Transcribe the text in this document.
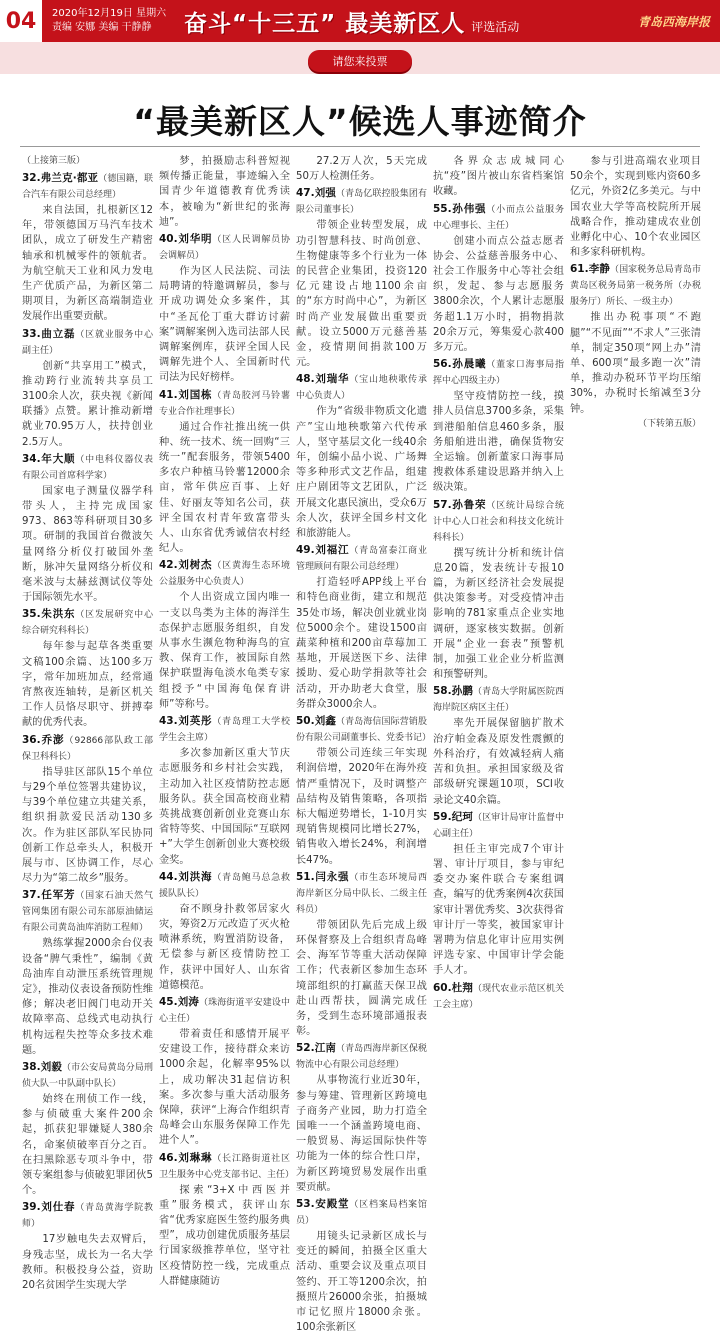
04	2020年12月19日 星期六
责编 安娜 美编 干静静	奋斗“十三五” 最美新区人 评选活动	青岛西海岸报
请您来投票
“最美新区人”候选人事迹简介
（上接第三版）
32.弗兰克·都亚（德国籍，联合汽车有限公司总经理）

来自法国，扎根新区12年，带领德国万马汽车技术团队，成立了研发生产精密轴承和机械零件的领航者。为航空航天工业和风力发电生产优质产品，为新区第二期项目，为新区高端制造业发展作出重要贡献。

33.曲立磊（区就业服务中心副主任）

创新“共享用工”模式，推动跨行业流转共享员工3100余人次，获央视《新闻联播》点赞。累计推动新增就业70.95万人，扶持创业2.5万人。

34.年大顺（中电科仪器仪表有限公司首席科学家）

国家电子测量仪器学科带头人，主持完成国家973、863等科研项目30多项。研制的我国首台微波矢量网络分析仪打破国外垄断，脉冲矢量网络分析仪和毫米波与太赫兹测试仪等处于国际领先水平。

35.朱洪东（区发展研究中心综合研究科科长）

每年参与起草各类重要文稿100余篇、达100多万字，常年加班加点，经常通宵熬夜连轴转，是新区机关工作人员恪尽职守、拼搏奉献的优秀代表。

36.乔澎（92866部队政工部保卫科科长）

指导驻区部队15个单位与29个单位签署共建协议，与39个单位建立共建关系，组织捐款爱民活动130多次。作为驻区部队军民协同创新工作总牵头人，积极开展与市、区协调工作，尽心尽力为“第二故乡”服务。

37.任军芳（国家石油天然气管网集团有限公司东部原油储运有限公司黄岛油库消防工程师）

熟练掌握2000余台仪表设备“脾气秉性”，编制《黄岛油库自动泄压系统管理规定》，推动仪表设备预防性维修；解决老旧阀门电动开关故障率高、总线式电动执行机构远程失控等众多技术难题。

38.刘毅（市公安局黄岛分局刑侦大队一中队副中队长）

始终在刑侦工作一线，参与侦破重大案件200余起，抓获犯罪嫌疑人380余名，命案侦破率百分之百。在扫黑除恶专项斗争中，带领专案组参与侦破犯罪团伙5个。

39.刘仕春（青岛黄海学院教师）

17岁触电失去双臂后，身残志坚，成长为一名大学教师。积极投身公益，资助20名贫困学生实现大学

梦，拍摄励志科普短视频传播正能量，事迹编入全国青少年道德教育优秀读本，被喻为“新世纪的张海迪”。

40.刘华明（区人民调解员协会调解员）

作为区人民法院、司法局聘请的特邀调解员，参与开成功调处众多案件，其中“圣瓦伦丁重大群访讨薪案”调解案例入选司法部人民调解案例库，获评全国人民调解先进个人、全国新时代司法为民好榜样。

41.刘国栋（青岛胶河马铃薯专业合作社理事长）

通过合作社推出统一供种、统一技术、统一回购“三统一”配套服务，带领5400多农户种植马铃薯12000余亩，常年供应百事、上好佳、好丽友等知名公司，获评全国农村青年致富带头人、山东省优秀诚信农村经纪人。

42.刘树杰（区黄海生态环境公益服务中心负责人）

个人出资成立国内唯一一支以鸟类为主体的海洋生态保护志愿服务组织，自发从事水生濒危物种海鸟的宣教、保育工作，被国际自然保护联盟海龟淡水龟类专家组授予“中国海龟保育讲师”等称号。

43.刘英彤（青岛理工大学校学生会主席）

多次参加新区重大节庆志愿服务和乡村社会实践，主动加入社区疫情防控志愿服务队。获全国高校商业精英挑战赛创新创业竞赛山东省特等奖、中国国际“互联网+”大学生创新创业大赛校级金奖。

44.刘洪海（青岛鲍马总急救援队队长）

奋不顾身扑救邻居家火灾，筹资2万元改造了灭火枪喷淋系统，购置消防设备，无偿参与新区疫情防控工作，获评中国好人、山东省道德模范。

45.刘涛（珠海街道平安建设中心主任）

带着责任和感情开展平安建设工作，接待群众来访1000余起，化解率95%以上，成功解决31起信访积案。多次参与重大活动服务保障，获评“上海合作组织青岛峰会山东服务保障工作先进个人”。

46.刘琳琳（长江路街道社区卫生服务中心党支部书记、主任）

探索“3+X中西医并重”服务模式，获评山东省“优秀家庭医生签约服务典型”，成功创建优质服务基层行国家级推荐单位，坚守社区疫情防控一线，完成重点人群健康随访

27.2万人次，5天完成50万人检测任务。

47.刘强（青岛亿联控股集团有限公司董事长）

带领企业转型发展，成功引智慧科技、时尚创意、生物健康等多个行业为一体的民营企业集团，投资120亿元建设占地1100余亩的“东方时尚中心”，为新区时尚产业发展做出重要贡献。设立5000万元慈善基金，疫情期间捐款100万元。

48.刘瑞华（宝山地秧歌传承中心负责人）

作为“省级非物质文化遗产”宝山地秧歌第六代传承人，坚守基层文化一线40余年，创编小品小说、广场舞等多种形式文艺作品，组建庄户剧团等文艺团队，广泛开展文化惠民演出，受众6万余人次，获评全国乡村文化和旅游能人。

49.刘福江（青岛富泰江商业管理顾问有限公司总经理）

打造轻呼APP线上平台和特色商业街，建立和规范35处市场，解决创业就业岗位5000余个。建设1500亩蔬菜种植和200亩草莓加工基地，开展送医下乡、法律援助、爱心助学捐款等社会活动，开办助老大食堂，服务群众3000余人。

50.刘鑫（青岛海信国际营销股份有限公司副董事长、党委书记）

带领公司连续三年实现利润倍增，2020年在海外疫情严重情况下，及时调整产品结构及销售策略，各项指标大幅逆势增长，1-10月实现销售规模同比增长27%，销售收入增长24%，利润增长47%。

51.闫永强（市生态环境局西海岸新区分局中队长、二级主任科员）

带领团队先后完成上级环保督察及上合组织青岛峰会、海军节等重大活动保障工作；代表新区参加生态环境部组织的打赢蓝天保卫战赴山西帮扶，圆满完成任务，受到生态环境部通报表彰。

52.江南（青岛西海岸新区保税物流中心有限公司总经理）

从事物流行业近30年，参与筹建、管理新区跨境电子商务产业园，助力打造全国唯一一个涵盖跨境电商、一般贸易、海运国际快件等功能为一体的综合性口岸，为新区跨境贸易发展作出重要贡献。

53.安殿堂（区档案局档案馆员）

用镜头记录新区成长与变迁的瞬间，拍摄全区重大活动、重要会议及重点项目签约、开工等1200余次，拍摄照片26000余张，拍摄城市记忆照片18000余张。100余张新区

各界众志成城同心抗“疫”图片被山东省档案馆收藏。

55.孙伟强（小而点公益服务中心理事长、主任）

创建小而点公益志愿者协会、公益慈善服务中心、社会工作服务中心等社会组织，发起、参与志愿服务3800余次，个人累计志愿服务超1.1万小时，捐物捐款20余万元，筹集爱心款400多万元。

56.孙晨曦（董家口海事局指挥中心四级主办）

坚守疫情防控一线，摸排人员信息3700多条，采集到港船舶信息460多条，服务船舶进出港，确保货物安全运输。创新董家口海事局搜救体系建设思路并纳入上级决策。

57.孙鲁荣（区统计局综合统计中心人口社会和科技文化统计科科长）

撰写统计分析和统计信息20篇，发表统计专报10篇，为新区经济社会发展提供决策参考。对受疫情冲击影响的781家重点企业实地调研，逐家核实数据。创新开展“企业一套表”预警机制，加强工业企业分析监测和预警研判。

58.孙鹏（青岛大学附属医院西海岸院区病区主任）

率先开展保留脑扩散术治疗帕金森及原发性震颤的外科治疗，有效减轻病人痛苦和负担。承担国家级及省部级研究课题10项，SCI收录论文40余篇。

59.纪珂（区审计局审计监督中心副主任）

担任主审完成7个审计署、审计厅项目，参与审纪委交办案件联合专案组调查，编写的优秀案例4次获国家审计署优秀奖、3次获得省审计厅一等奖，被国家审计署聘为信息化审计应用实例评选专家、中国审计学会能手人才。

60.杜翔（现代农业示范区机关工会主席）

参与引进高端农业项目50余个，实现到账内资60多亿元，外资2亿多美元。与中国农业大学等高校院所开展战略合作，推动建成农业创业孵化中心、10个农业园区和多家科研机构。

61.李静（国家税务总局青岛市黄岛区税务局第一税务所（办税服务厅）所长、一级主办）

推出办税事项“不跑腿”“不见面”“不求人”三张清单，制定350项“网上办”清单、600项“最多跑一次”清单，推动办税环节平均压缩30%，办税时长缩减至3分钟。

（下转第五版）
